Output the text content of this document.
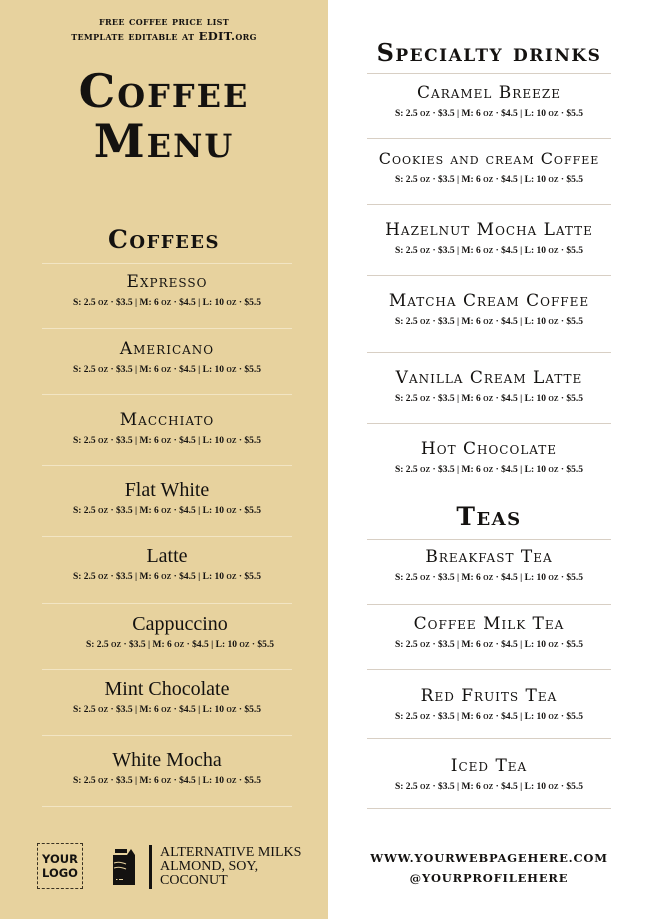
free coffee price list
template editable at EDIT.org
Coffee
Menu
Coffees
Expresso
S: 2.5 oz · $3.5 | M: 6 oz · $4.5 | L: 10 oz · $5.5
Americano
S: 2.5 oz · $3.5 | M: 6 oz · $4.5 | L: 10 oz · $5.5
Macchiato
S: 2.5 oz · $3.5 | M: 6 oz · $4.5 | L: 10 oz · $5.5
Flat White
S: 2.5 oz · $3.5 | M: 6 oz · $4.5 | L: 10 oz · $5.5
Latte
S: 2.5 oz · $3.5 | M: 6 oz · $4.5 | L: 10 oz · $5.5
Cappuccino
S: 2.5 oz · $3.5 | M: 6 oz · $4.5 | L: 10 oz · $5.5
Mint Chocolate
S: 2.5 oz · $3.5 | M: 6 oz · $4.5 | L: 10 oz · $5.5
White Mocha
S: 2.5 oz · $3.5 | M: 6 oz · $4.5 | L: 10 oz · $5.5
YOUR
LOGO
ALTERNATIVE MILKS
ALMOND, SOY,
COCONUT
Specialty drinks
Caramel Breeze
S: 2.5 oz · $3.5 | M: 6 oz · $4.5 | L: 10 oz · $5.5
Cookies and cream Coffee
S: 2.5 oz · $3.5 | M: 6 oz · $4.5 | L: 10 oz · $5.5
Hazelnut Mocha Latte
S: 2.5 oz · $3.5 | M: 6 oz · $4.5 | L: 10 oz · $5.5
Matcha Cream Coffee
S: 2.5 oz · $3.5 | M: 6 oz · $4.5 | L: 10 oz · $5.5
Vanilla Cream Latte
S: 2.5 oz · $3.5 | M: 6 oz · $4.5 | L: 10 oz · $5.5
Hot Chocolate
S: 2.5 oz · $3.5 | M: 6 oz · $4.5 | L: 10 oz · $5.5
Teas
Breakfast Tea
S: 2.5 oz · $3.5 | M: 6 oz · $4.5 | L: 10 oz · $5.5
Coffee Milk Tea
S: 2.5 oz · $3.5 | M: 6 oz · $4.5 | L: 10 oz · $5.5
Red Fruits Tea
S: 2.5 oz · $3.5 | M: 6 oz · $4.5 | L: 10 oz · $5.5
Iced Tea
S: 2.5 oz · $3.5 | M: 6 oz · $4.5 | L: 10 oz · $5.5
WWW.YOURWEBPAGEHERE.COM
@YOURPROFILEHERE
